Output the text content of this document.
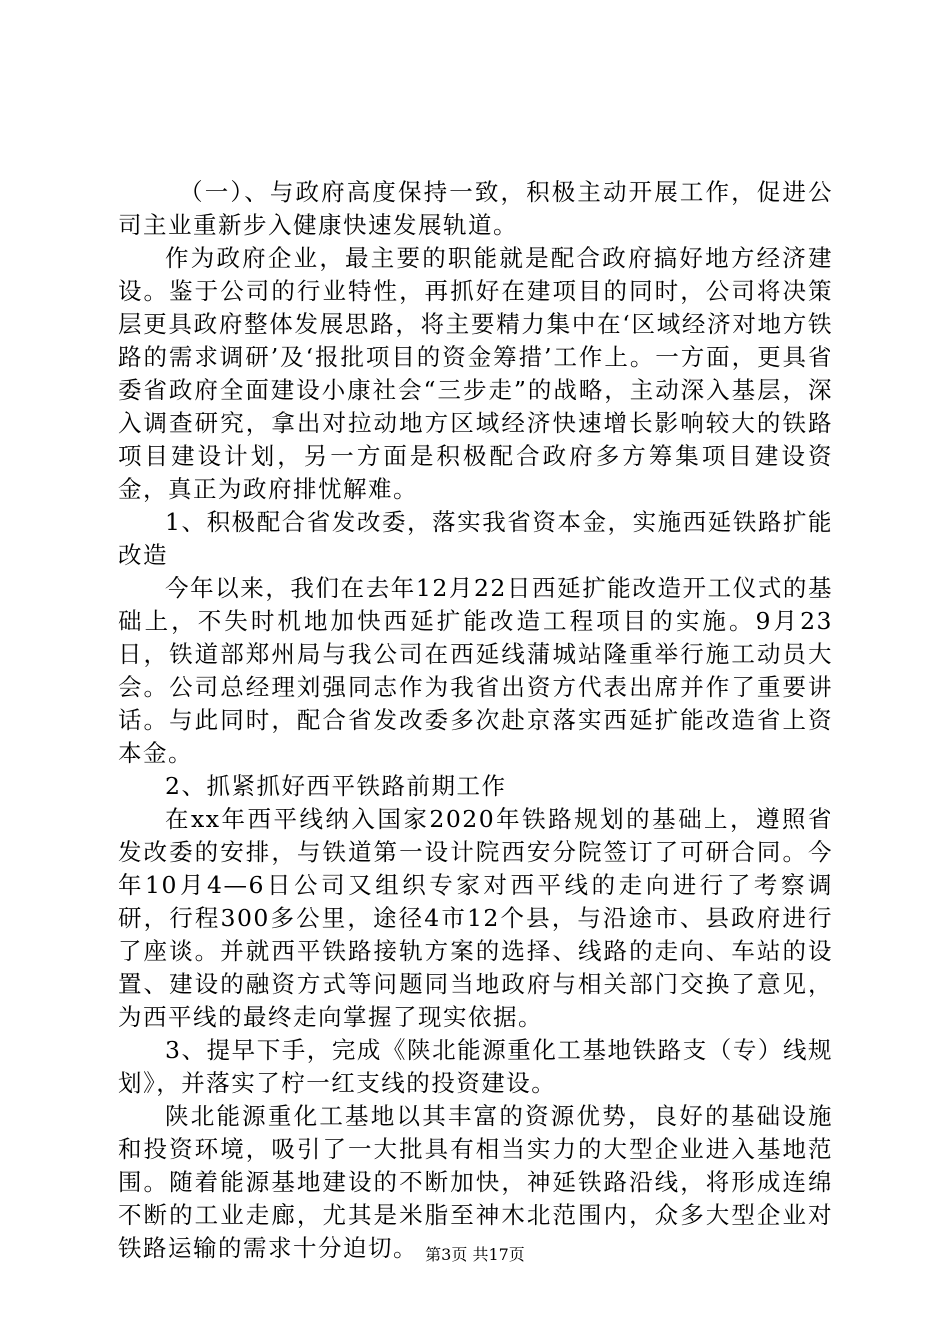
（一）、与政府高度保持一致，积极主动开展工作，促进公司主业重新步入健康快速发展轨道。

作为政府企业，最主要的职能就是配合政府搞好地方经济建设。鉴于公司的行业特性，再抓好在建项目的同时，公司将决策层更具政府整体发展思路，将主要精力集中在‘区域经济对地方铁路的需求调研’及‘报批项目的资金筹措’工作上。一方面，更具省委省政府全面建设小康社会“三步走”的战略，主动深入基层，深入调查研究，拿出对拉动地方区域经济快速增长影响较大的铁路项目建设计划，另一方面是积极配合政府多方筹集项目建设资金，真正为政府排忧解难。

1、积极配合省发改委，落实我省资本金，实施西延铁路扩能改造

今年以来，我们在去年12月22日西延扩能改造开工仪式的基础上，不失时机地加快西延扩能改造工程项目的实施。9月23日，铁道部郑州局与我公司在西延线蒲城站隆重举行施工动员大会。公司总经理刘强同志作为我省出资方代表出席并作了重要讲话。与此同时，配合省发改委多次赴京落实西延扩能改造省上资本金。

2、抓紧抓好西平铁路前期工作

在xx年西平线纳入国家2020年铁路规划的基础上，遵照省发改委的安排，与铁道第一设计院西安分院签订了可研合同。今年10月4—6日公司又组织专家对西平线的走向进行了考察调研，行程300多公里，途径4市12个县，与沿途市、县政府进行了座谈。并就西平铁路接轨方案的选择、线路的走向、车站的设置、建设的融资方式等问题同当地政府与相关部门交换了意见，为西平线的最终走向掌握了现实依据。

3、提早下手，完成《陕北能源重化工基地铁路支（专）线规划》，并落实了柠一红支线的投资建设。

陕北能源重化工基地以其丰富的资源优势，良好的基础设施和投资环境，吸引了一大批具有相当实力的大型企业进入基地范围。随着能源基地建设的不断加快，神延铁路沿线，将形成连绵不断的工业走廊，尤其是米脂至神木北范围内，众多大型企业对铁路运输的需求十分迫切。 第3页 共17页
